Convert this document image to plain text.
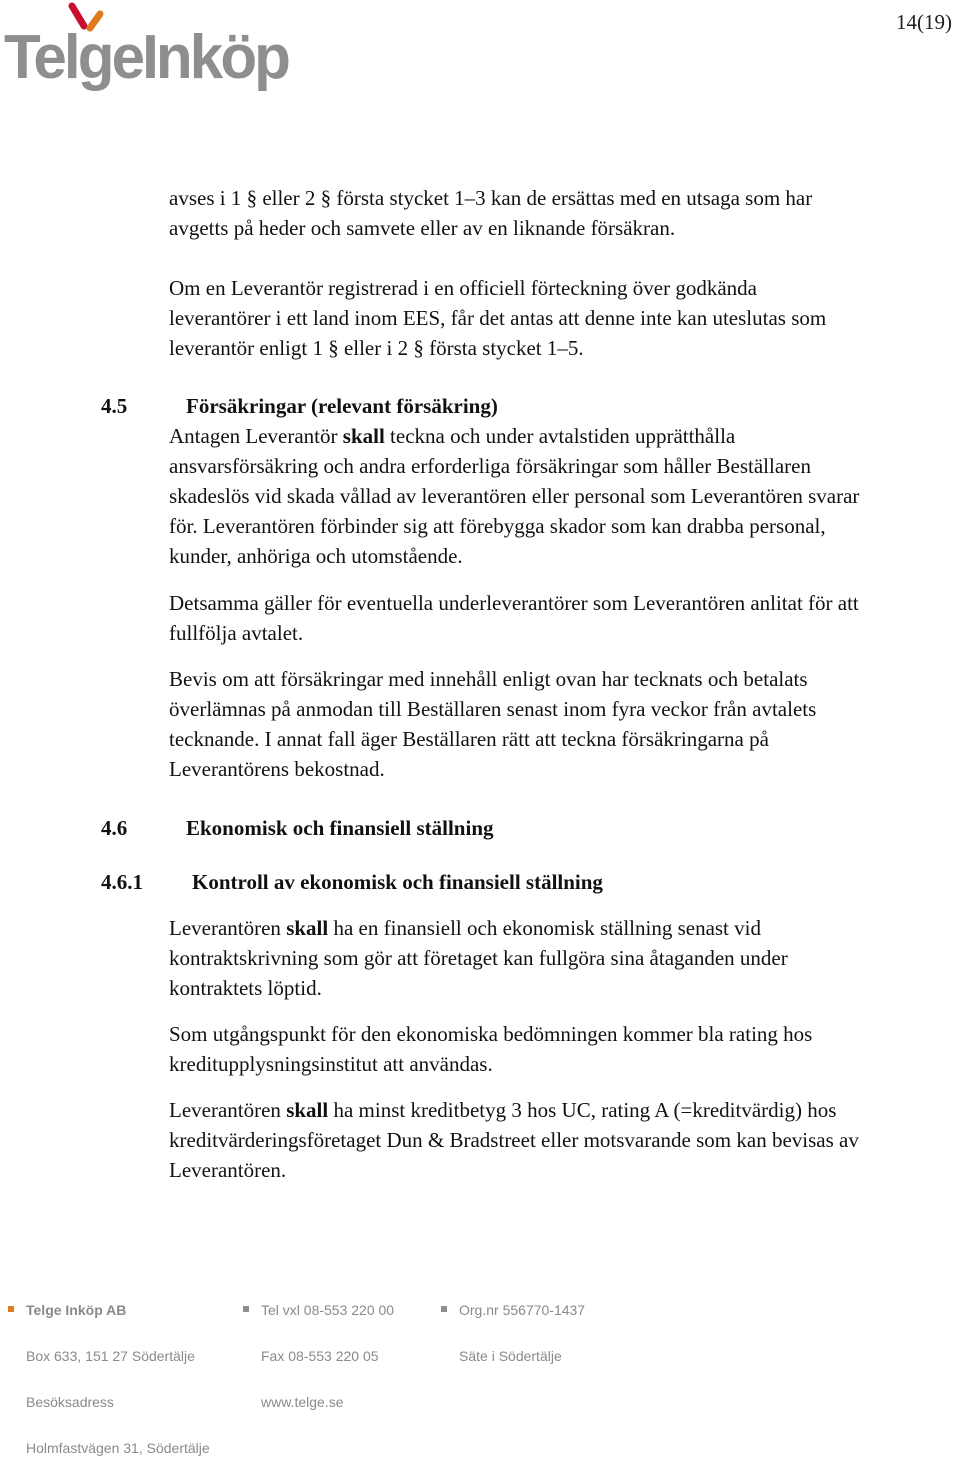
TelgeInköp
14(19)

avses i 1 § eller 2 § första stycket 1–3 kan de ersättas med en utsaga som har

avgetts på heder och samvete eller av en liknande försäkran.

Om en Leverantör registrerad i en officiell förteckning över godkända

leverantörer i ett land inom EES, får det antas att denne inte kan uteslutas som

leverantör enligt 1 § eller i 2 § första stycket 1–5.

4.5	Försäkringar (relevant försäkring)

Antagen Leverantör skall teckna och under avtalstiden upprätthålla

ansvarsförsäkring och andra erforderliga försäkringar som håller Beställaren

skadeslös vid skada vållad av leverantören eller personal som Leverantören svarar

för. Leverantören förbinder sig att förebygga skador som kan drabba personal,

kunder, anhöriga och utomstående.

Detsamma gäller för eventuella underleverantörer som Leverantören anlitat för att

fullfölja avtalet.

Bevis om att försäkringar med innehåll enligt ovan har tecknats och betalats

överlämnas på anmodan till Beställaren senast inom fyra veckor från avtalets

tecknande. I annat fall äger Beställaren rätt att teckna försäkringarna på

Leverantörens bekostnad.

4.6	Ekonomisk och finansiell ställning
4.6.1 Kontroll av ekonomisk och finansiell ställning

Leverantören skall ha en finansiell och ekonomisk ställning senast vid

kontraktskrivning som gör att företaget kan fullgöra sina åtaganden under

kontraktets löptid.

Som utgångspunkt för den ekonomiska bedömningen kommer bla rating hos

kreditupplysningsinstitut att användas.

Leverantören skall ha minst kreditbetyg 3 hos UC, rating A (=kreditvärdig) hos

kreditvärderingsföretaget Dun & Bradstreet eller motsvarande som kan bevisas av

Leverantören.

Telge Inköp AB
Box 633, 151 27 Södertälje
Besöksadress
Holmfastvägen 31, Södertälje
Tel vxl 08-553 220 00
Fax 08-553 220 05
www.telge.se
Org.nr 556770-1437
Säte i Södertälje
